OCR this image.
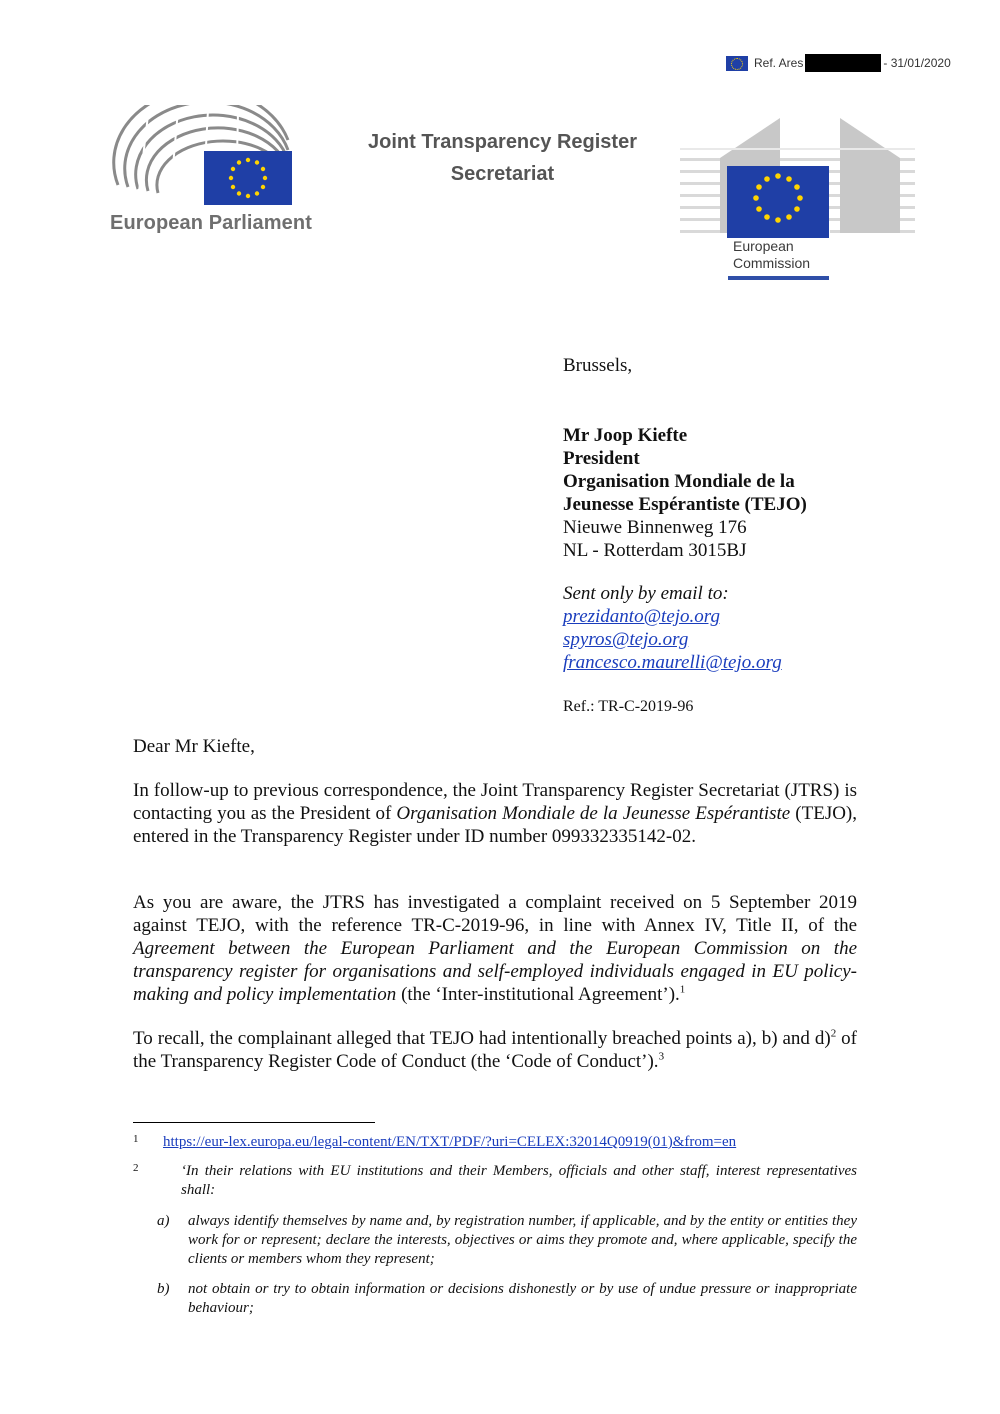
Ref. Ares	- 31/01/2020
European Parliament
Joint Transparency Register
Secretariat
European
Commission
Brussels,
Mr Joop Kiefte
President
Organisation Mondiale de la
Jeunesse Espérantiste (TEJO)
Nieuwe Binnenweg 176
NL - Rotterdam 3015BJ
Sent only by email to:
prezidanto@tejo.org
spyros@tejo.org
francesco.maurelli@tejo.org
Ref.: TR-C-2019-96
Dear Mr Kiefte,
In follow-up to previous correspondence, the Joint Transparency Register Secretariat (JTRS) is contacting you as the President of Organisation Mondiale de la Jeunesse Espérantiste (TEJO), entered in the Transparency Register under ID number 099332335142-02.
As you are aware, the JTRS has investigated a complaint received on 5 September 2019 against TEJO, with the reference TR-C-2019-96, in line with Annex IV, Title II, of the Agreement between the European Parliament and the European Commission on the transparency register for organisations and self-employed individuals engaged in EU policy-making and policy implementation (the ‘Inter-institutional Agreement’).$^1$
To recall, the complainant alleged that TEJO had intentionally breached points a), b) and d)$^2$ of the Transparency Register Code of Conduct (the ‘Code of Conduct’).$^3$
1 https://eur-lex.europa.eu/legal-content/EN/TXT/PDF/?uri=CELEX:32014Q0919(01)&from=en
2	‘In their relations with EU institutions and their Members, officials and other staff, interest representatives shall:
a) always identify themselves by name and, by registration number, if applicable, and by the entity or entities they work for or represent; declare the interests, objectives or aims they promote and, where applicable, specify the clients or members whom they represent;
b) not obtain or try to obtain information or decisions dishonestly or by use of undue pressure or inappropriate behaviour;
